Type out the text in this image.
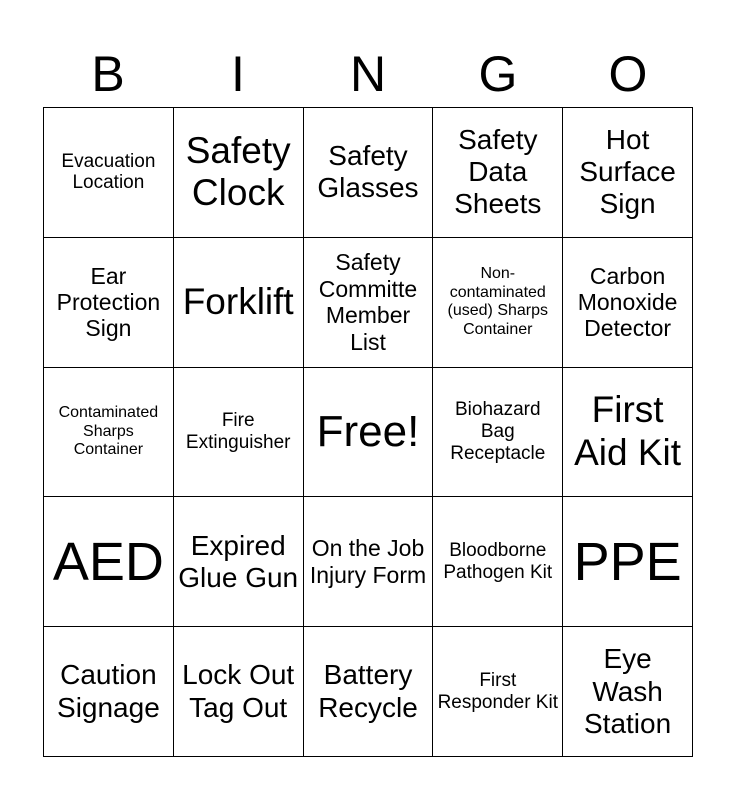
B	I	N	G	O
Evacuation Location
Safety Clock
Safety Glasses
Safety Data Sheets
Hot Surface Sign
Ear Protection Sign
Forklift
Safety Committe Member List
Non-contaminated (used) Sharps Container
Carbon Monoxide Detector
Contaminated Sharps Container
Fire Extinguisher Free!	Biohazard Bag Receptacle
First Aid Kit
AED Expired Glue Gun
On the Job Injury Form
Bloodborne Pathogen Kit PPE
Caution Signage
Lock Out Tag Out
Battery Recycle
First Responder Kit
Eye Wash Station
